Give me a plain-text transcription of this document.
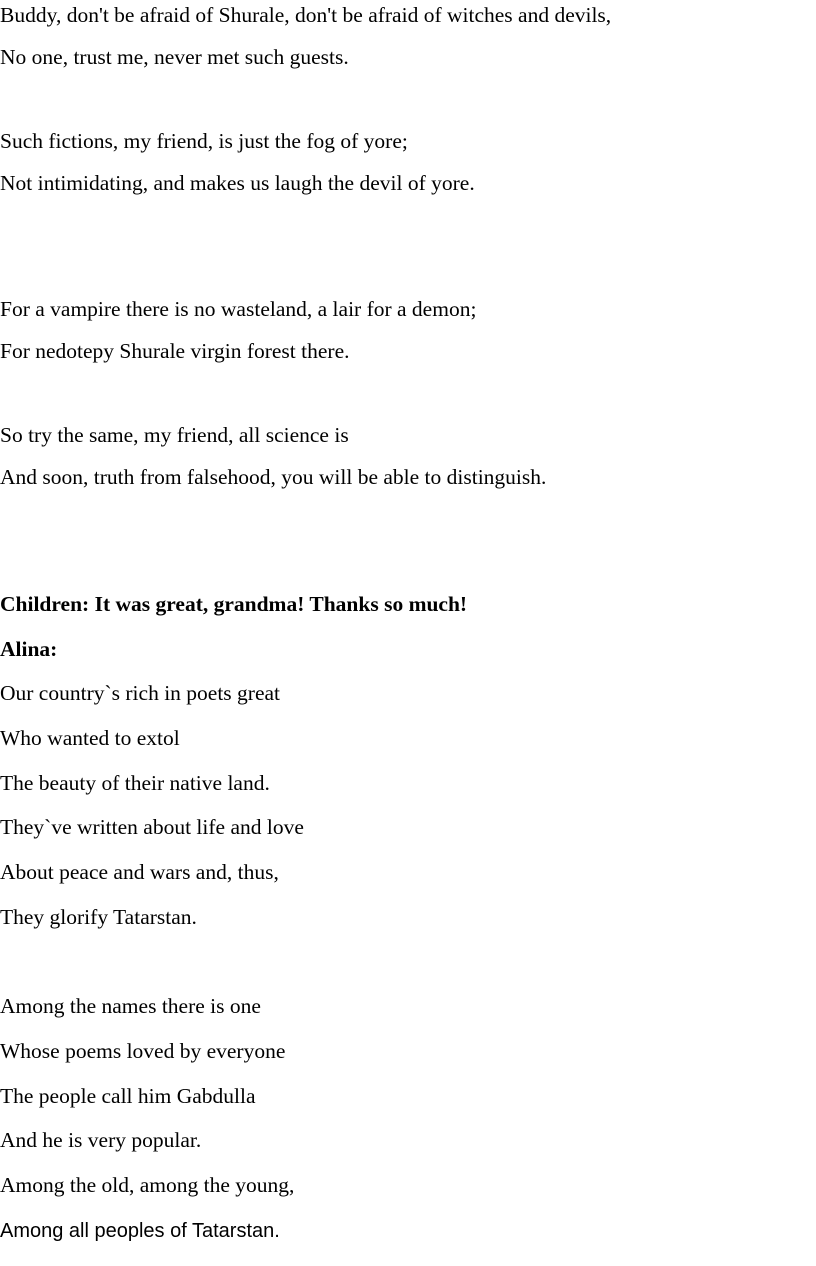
Buddy, don't be afraid of Shurale, don't be afraid of witches and devils,
No one, trust me, never met such guests.
Such fictions, my friend, is just the fog of yore;
Not intimidating, and makes us laugh the devil of yore.
For a vampire there is no wasteland, a lair for a demon;
For nedotepy Shurale virgin forest there.
So try the same, my friend, all science is
And soon, truth from falsehood, you will be able to distinguish.
Children: It was great, grandma! Thanks so much!
Alina:
Our country`s rich in poets great
Who wanted to extol
The beauty of their native land.
They`ve written about life and love
About peace and wars and, thus,
They glorify Tatarstan.
Among the names there is one
Whose poems loved by everyone
The people call him Gabdulla
And he is very popular.
Among the old, among the young,
Among all peoples of Tatarstan.
